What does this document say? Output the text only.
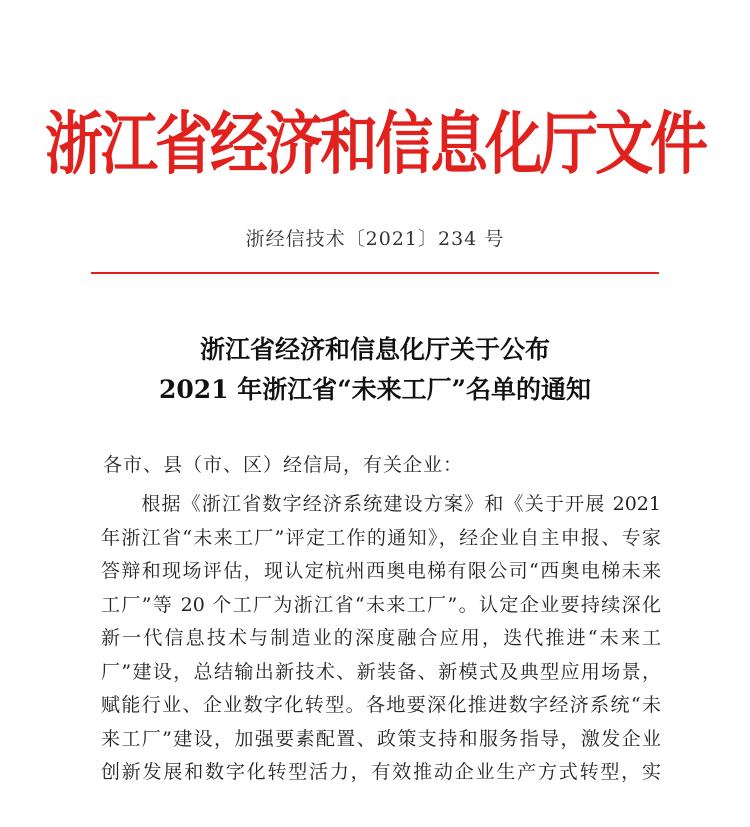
浙江省经济和信息化厅文件
浙经信技术〔2021〕234 号
浙江省经济和信息化厅关于公布
2021 年浙江省“未来工厂”名单的通知
各市、县（市、区）经信局，有关企业：
　　根据《浙江省数字经济系统建设方案》和《关于开展 2021
年浙江省“未来工厂”评定工作的通知》，经企业自主申报、专家
答辩和现场评估，现认定杭州西奥电梯有限公司“西奥电梯未来
工厂”等 20 个工厂为浙江省“未来工厂”。认定企业要持续深化
新一代信息技术与制造业的深度融合应用，迭代推进“未来工
厂”建设，总结输出新技术、新装备、新模式及典型应用场景，
赋能行业、企业数字化转型。各地要深化推进数字经济系统“未
来工厂”建设，加强要素配置、政策支持和服务指导，激发企业
创新发展和数字化转型活力，有效推动企业生产方式转型，实
